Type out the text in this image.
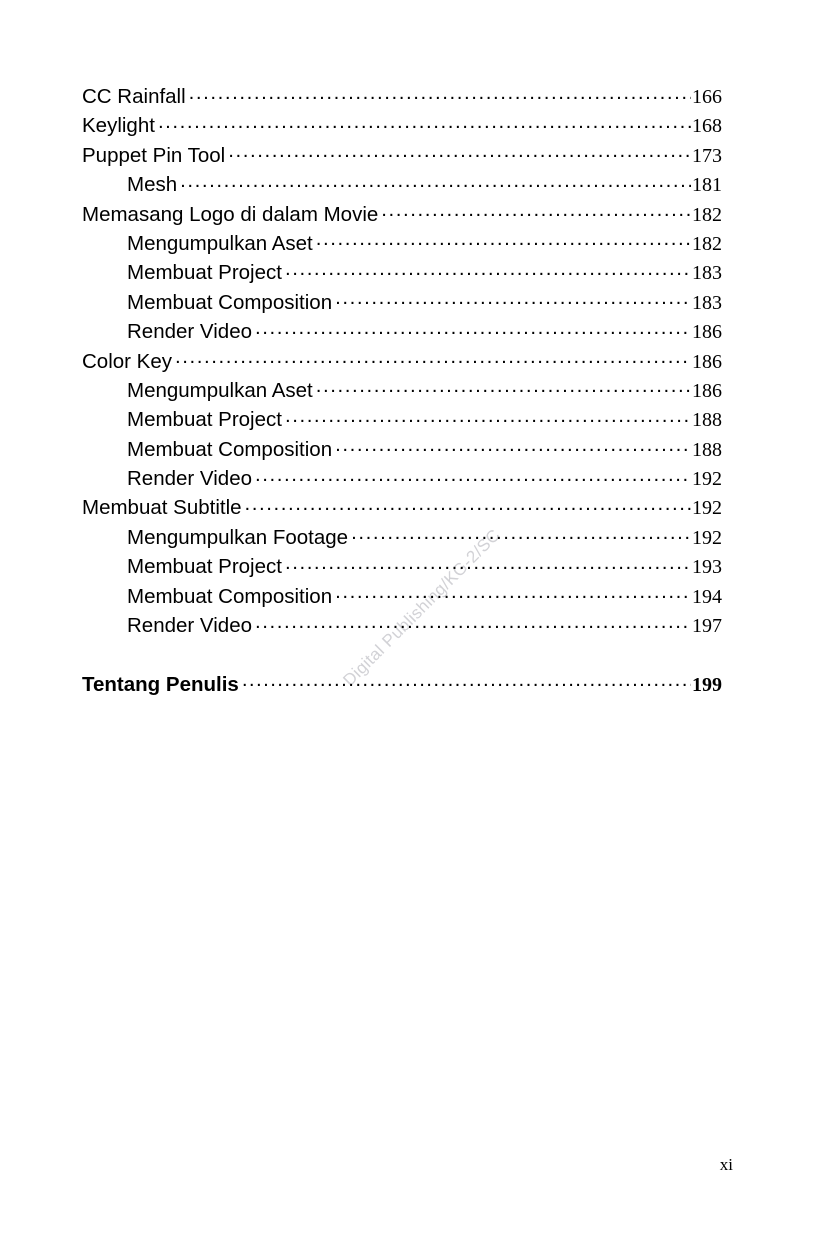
Digital Publishing/KG-2/SC
CC Rainfall .....	166
Keylight .....	168
Puppet Pin Tool .....	173
Mesh .....	181
Memasang Logo di dalam Movie .....	182
Mengumpulkan Aset .....	182
Membuat Project .....	183
Membuat Composition .....	183
Render Video .....	186
Color Key .....	186
Mengumpulkan Aset .....	186
Membuat Project .....	188
Membuat Composition .....	188
Render Video .....	192
Membuat Subtitle .....	192
Mengumpulkan Footage .....	192
Membuat Project .....	193
Membuat Composition .....	194
Render Video .....	197
Tentang Penulis .....	199
xi
